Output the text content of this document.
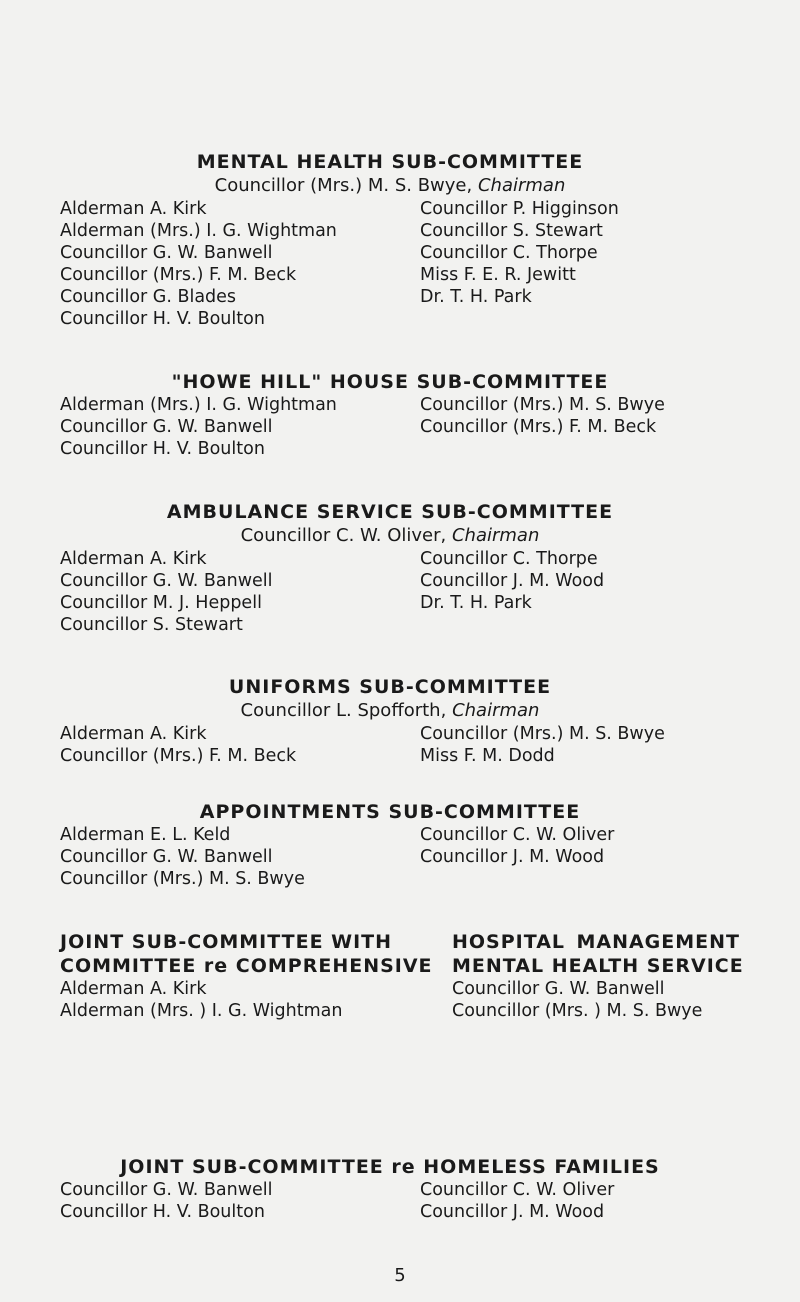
MENTAL HEALTH SUB-COMMITTEE

Councillor (Mrs.) M. S. Bwye, Chairman

Alderman A. Kirk
Alderman (Mrs.) I. G. Wightman
Councillor G. W. Banwell
Councillor (Mrs.) F. M. Beck
Councillor G. Blades
Councillor H. V. Boulton
Councillor P. Higginson
Councillor S. Stewart
Councillor C. Thorpe
Miss F. E. R. Jewitt
Dr. T. H. Park

"HOWE HILL" HOUSE SUB-COMMITTEE

Alderman (Mrs.) I. G. Wightman
Councillor G. W. Banwell
Councillor H. V. Boulton
Councillor (Mrs.) M. S. Bwye
Councillor (Mrs.) F. M. Beck

AMBULANCE SERVICE SUB-COMMITTEE

Councillor C. W. Oliver, Chairman

Alderman A. Kirk
Councillor G. W. Banwell
Councillor M. J. Heppell
Councillor S. Stewart
Councillor C. Thorpe
Councillor J. M. Wood
Dr. T. H. Park

UNIFORMS SUB-COMMITTEE

Councillor L. Spofforth, Chairman

Alderman A. Kirk
Councillor (Mrs.) F. M. Beck
Councillor (Mrs.) M. S. Bwye
Miss F. M. Dodd

APPOINTMENTS SUB-COMMITTEE

Alderman E. L. Keld
Councillor G. W. Banwell
Councillor (Mrs.) M. S. Bwye
Councillor C. W. Oliver
Councillor J. M. Wood

JOINT SUB-COMMITTEE WITH

COMMITTEE re COMPREHENSIVE

Alderman A. Kirk
Alderman (Mrs. ) I. G. Wightman

HOSPITAL MANAGEMENT

MENTAL HEALTH SERVICE

Councillor G. W. Banwell
Councillor (Mrs. ) M. S. Bwye

JOINT SUB-COMMITTEE re HOMELESS FAMILIES

Councillor G. W. Banwell
Councillor H. V. Boulton
Councillor C. W. Oliver
Councillor J. M. Wood
5
